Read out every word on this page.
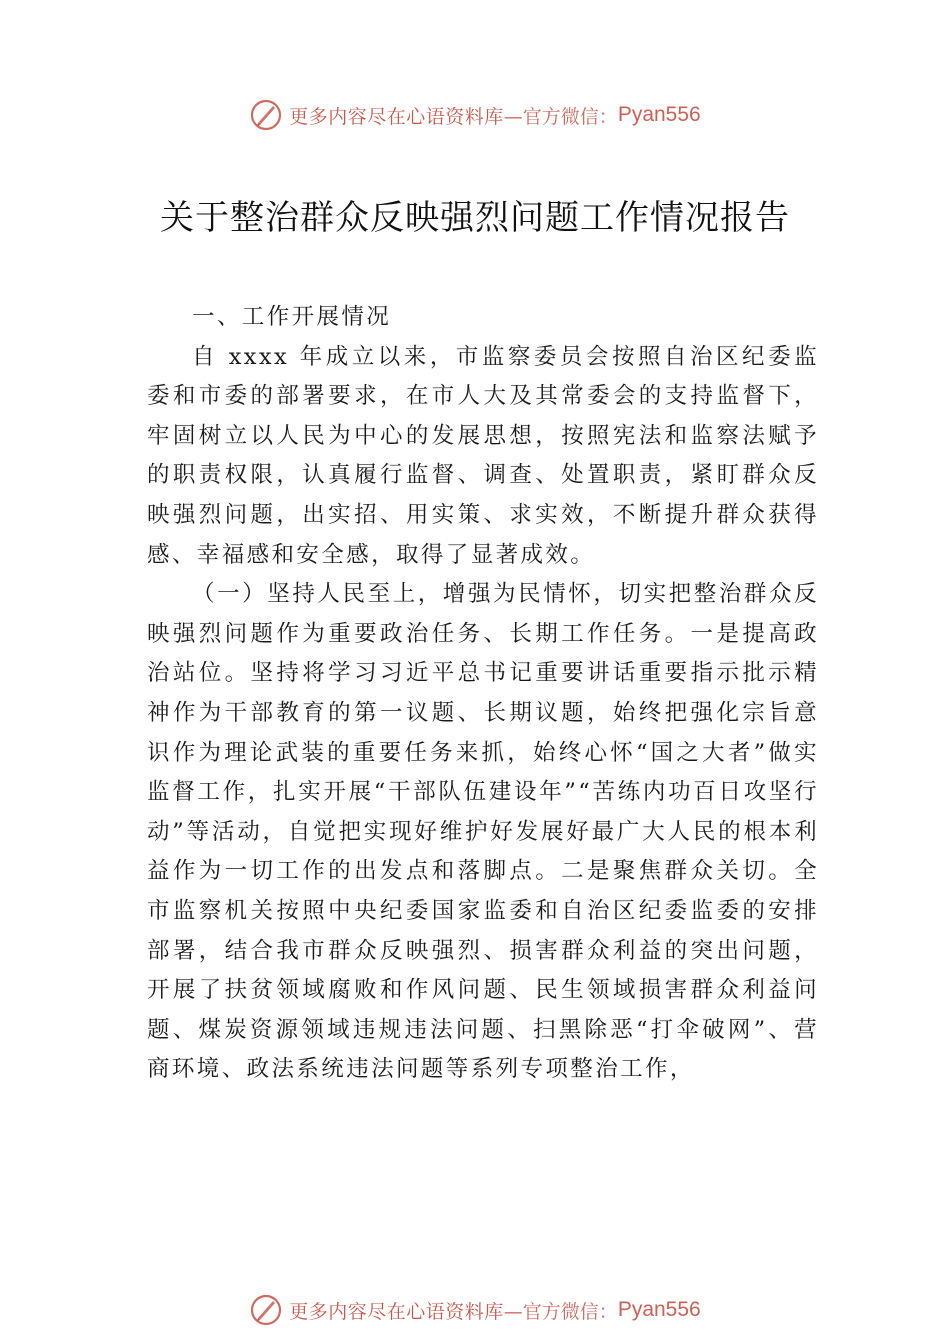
更多内容尽在心语资料库 —官方微信： Pyan556
关于整治群众反映强烈问题工作情况报告

一、工作开展情况

自 xxxx 年成立以来，市监察委员会按照自治区纪委监委和市委的部署要求，在市人大及其常委会的支持监督下，牢固树立以人民为中心的发展思想，按照宪法和监察法赋予的职责权限，认真履行监督、调查、处置职责，紧盯群众反映强烈问题，出实招、用实策、求实效，不断提升群众获得感、幸福感和安全感，取得了显著成效。

（一）坚持人民至上，增强为民情怀，切实把整治群众反映强烈问题作为重要政治任务、长期工作任务。一是提高政治站位。坚持将学习习近平总书记重要讲话重要指示批示精神作为干部教育的第一议题、长期议题，始终把强化宗旨意识作为理论武装的重要任务来抓，始终心怀“国之大者”做实监督工作，扎实开展“干部队伍建设年”“苦练内功百日攻坚行动”等活动，自觉把实现好维护好发展好最广大人民的根本利益作为一切工作的出发点和落脚点。二是聚焦群众关切。全市监察机关按照中央纪委国家监委和自治区纪委监委的安排部署，结合我市群众反映强烈、损害群众利益的突出问题，开展了扶贫领域腐败和作风问题、民生领域损害群众利益问题、煤炭资源领域违规违法问题、扫黑除恶“打伞破网”、营商环境、政法系统违法问题等系列专项整治工作，

更多内容尽在心语资料库 —官方微信： Pyan556
